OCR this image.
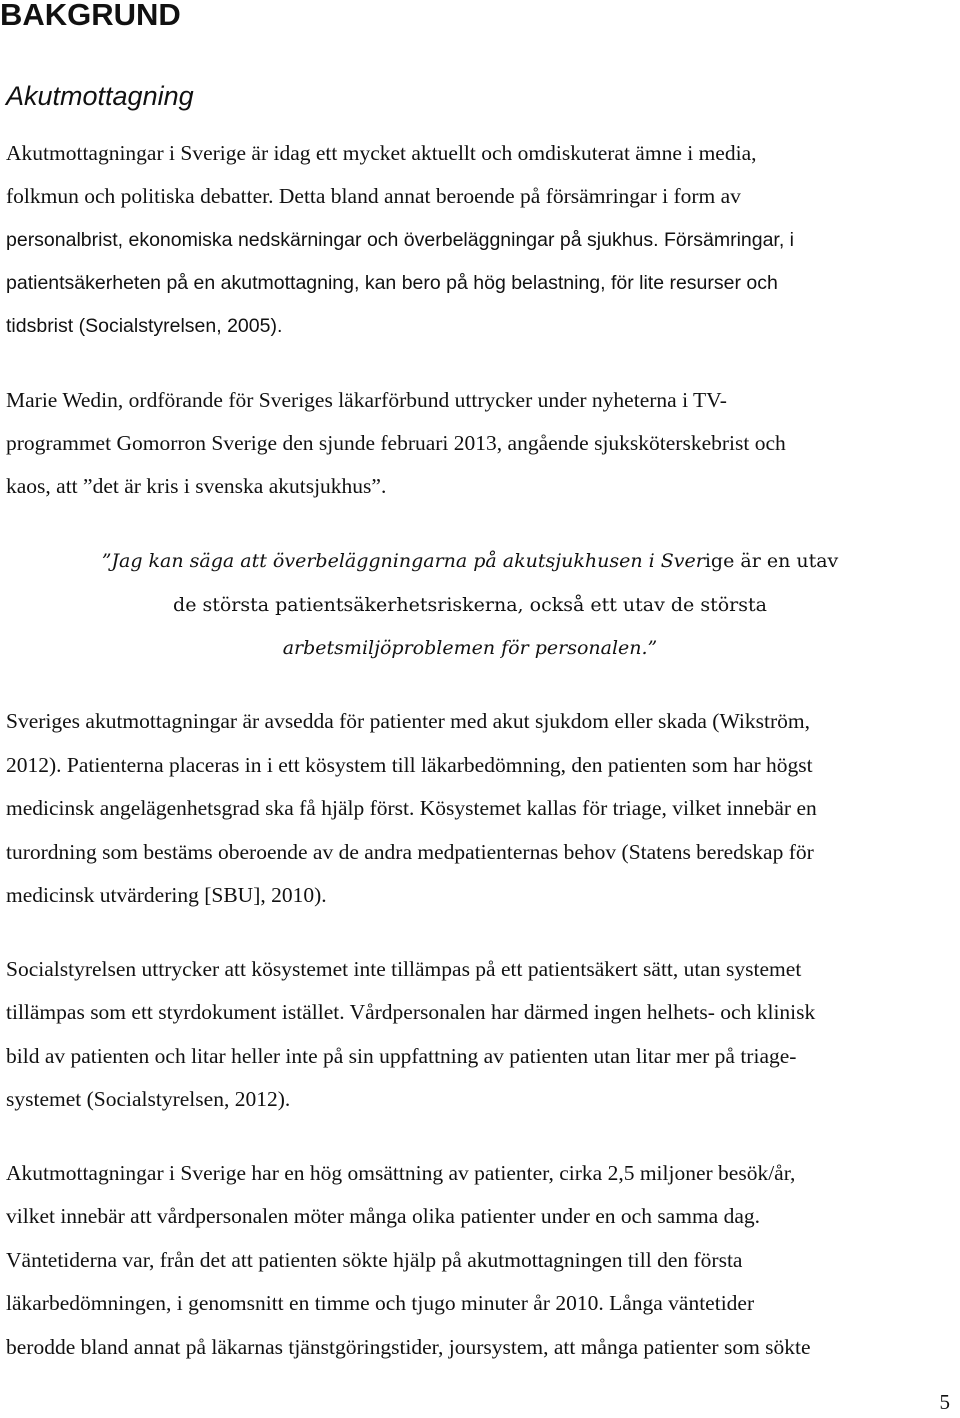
BAKGRUND
Akutmottagning
Akutmottagningar i Sverige är idag ett mycket aktuellt och omdiskuterat ämne i media,
folkmun och politiska debatter. Detta bland annat beroende på försämringar i form av
personalbrist, ekonomiska nedskärningar och överbeläggningar på sjukhus. Försämringar, i
patientsäkerheten på en akutmottagning, kan bero på hög belastning, för lite resurser och
tidsbrist (Socialstyrelsen, 2005).
Marie Wedin, ordförande för Sveriges läkarförbund uttrycker under nyheterna i TV-
programmet Gomorron Sverige den sjunde februari 2013, angående sjuksköterskebrist och
kaos, att ”det är kris i svenska akutsjukhus”.
”Jag kan säga att överbeläggningarna på akutsjukhusen i Sverige är en utav
de största patientsäkerhetsriskerna, också ett utav de största
arbetsmiljöproblemen för personalen.”
Sveriges akutmottagningar är avsedda för patienter med akut sjukdom eller skada (Wikström,
2012). Patienterna placeras in i ett kösystem till läkarbedömning, den patienten som har högst
medicinsk angelägenhetsgrad ska få hjälp först. Kösystemet kallas för triage, vilket innebär en
turordning som bestäms oberoende av de andra medpatienternas behov (Statens beredskap för
medicinsk utvärdering [SBU], 2010).
Socialstyrelsen uttrycker att kösystemet inte tillämpas på ett patientsäkert sätt, utan systemet
tillämpas som ett styrdokument istället. Vårdpersonalen har därmed ingen helhets- och klinisk
bild av patienten och litar heller inte på sin uppfattning av patienten utan litar mer på triage-
systemet (Socialstyrelsen, 2012).
Akutmottagningar i Sverige har en hög omsättning av patienter, cirka 2,5 miljoner besök/år,
vilket innebär att vårdpersonalen möter många olika patienter under en och samma dag.
Väntetiderna var, från det att patienten sökte hjälp på akutmottagningen till den första
läkarbedömningen, i genomsnitt en timme och tjugo minuter år 2010. Långa väntetider
berodde bland annat på läkarnas tjänstgöringstider, joursystem, att många patienter som sökte
5
